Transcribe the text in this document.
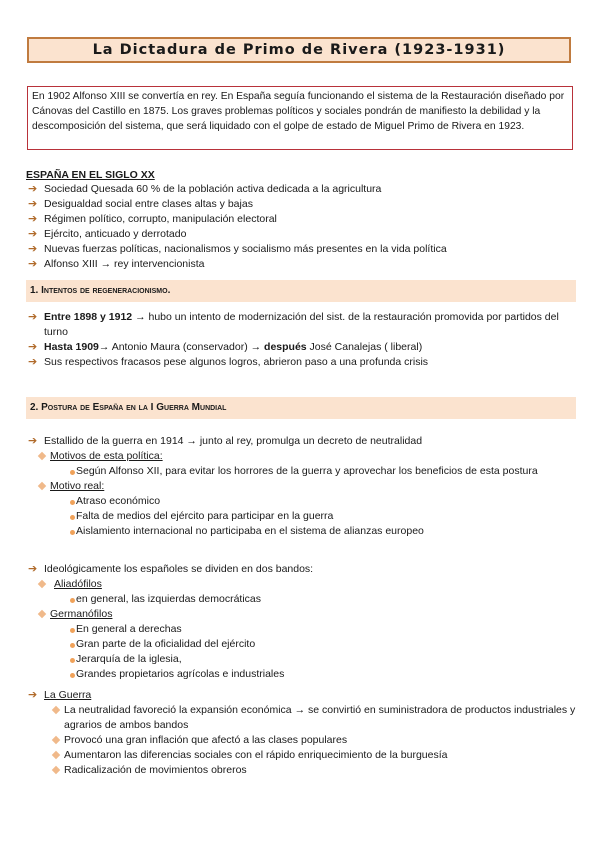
La Dictadura de Primo de Rivera (1923-1931)
En 1902 Alfonso XIII se convertía en rey. En España seguía funcionando el sistema de la Restauración diseñado por Cánovas del Castillo en 1875. Los graves problemas políticos y sociales pondrán de manifiesto la debilidad y la descomposición del sistema, que será liquidado con el golpe de estado de Miguel Primo de Rivera en 1923.
ESPAÑA EN EL SIGLO XX
➔ Sociedad Quesada 60 % de la población activa dedicada a la agricultura
➔ Desigualdad social entre clases altas y bajas
➔ Régimen político, corrupto, manipulación electoral
➔ Ejército, anticuado y derrotado
➔ Nuevas fuerzas políticas, nacionalismos y socialismo más presentes en la vida política
➔ Alfonso XIII → rey intervencionista
1. Intentos de regeneracionismo.
➔ Entre 1898 y 1912 → hubo un intento de modernización del sist. de la restauración promovida por partidos del turno
➔ Hasta 1909→ Antonio Maura (conservador) → después José Canalejas ( liberal)
➔ Sus respectivos fracasos pese algunos logros, abrieron paso a una profunda crisis
2. Postura de España en la I Guerra Mundial
➔ Estallido de la guerra en 1914 → junto al rey, promulga un decreto de neutralidad
Motivos de esta política:
Según Alfonso XII, para evitar los horrores de la guerra y aprovechar los beneficios de esta postura
Motivo real:
Atraso económico
Falta de medios del ejército para participar en la guerra
Aislamiento internacional no participaba en el sistema de alianzas europeo
➔ Ideológicamente los españoles se dividen en dos bandos:
Aliadófilos
en general, las izquierdas democráticas
Germanófilos
En general a derechas
Gran parte de la oficialidad del ejército
Jerarquía de la iglesia,
Grandes propietarios agrícolas e industriales
➔ La Guerra
La neutralidad favoreció la expansión económica → se convirtió en suministradora de productos industriales y agrarios de ambos bandos
Provocó una gran inflación que afectó a las clases populares
Aumentaron las diferencias sociales con el rápido enriquecimiento de la burguesía
Radicalización de movimientos obreros
